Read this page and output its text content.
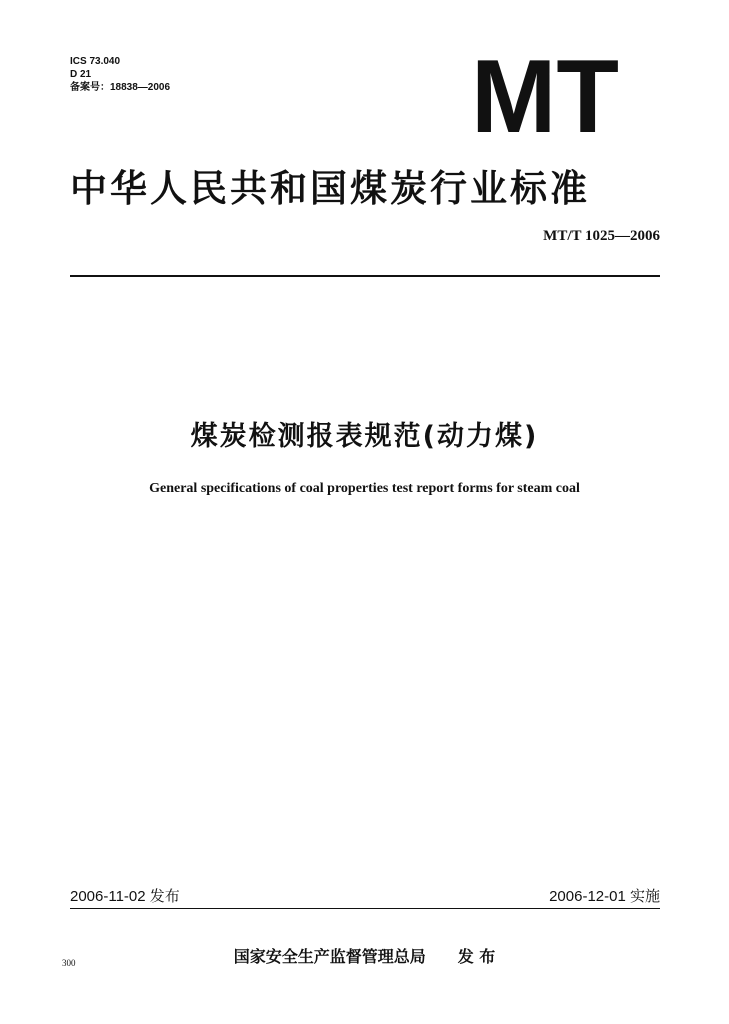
ICS 73.040
D 21
备案号：18838—2006	MT
中华人民共和国煤炭行业标准
MT/T 1025—2006
煤炭检测报表规范(动力煤)
General specifications of coal properties test report forms for steam coal
2006-11-02 发布	2006-12-01 实施
国家安全生产监督管理总局 发 布
300
